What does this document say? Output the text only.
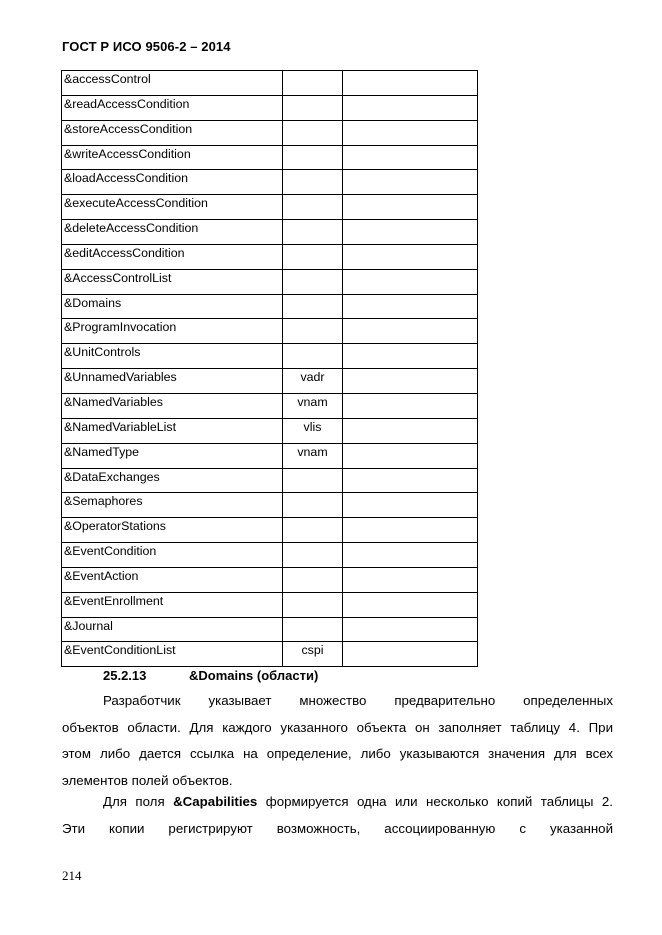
ГОСТ Р ИСО 9506-2 – 2014
&accessControl		
&readAccessCondition		
&storeAccessCondition		
&writeAccessCondition		
&loadAccessCondition		
&executeAccessCondition		
&deleteAccessCondition		
&editAccessCondition		
&AccessControlList		
&Domains		
&ProgramInvocation		
&UnitControls		
&UnnamedVariables	vadr	
&NamedVariables	vnam	
&NamedVariableList	vlis	
&NamedType	vnam	
&DataExchanges		
&Semaphores		
&OperatorStations		
&EventCondition		
&EventAction		
&EventEnrollment		
&Journal		
&EventConditionList	cspi	
25.2.13	&Domains (области)
Разработчик указывает множество предварительно определенных
объектов области. Для каждого указанного объекта он заполняет таблицу 4. При
этом либо дается ссылка на определение, либо указываются значения для всех
элементов полей объектов.
Для поля &Capabilities формируется одна или несколько копий таблицы 2.
Эти копии регистрируют возможность, ассоциированную с указанной
214
